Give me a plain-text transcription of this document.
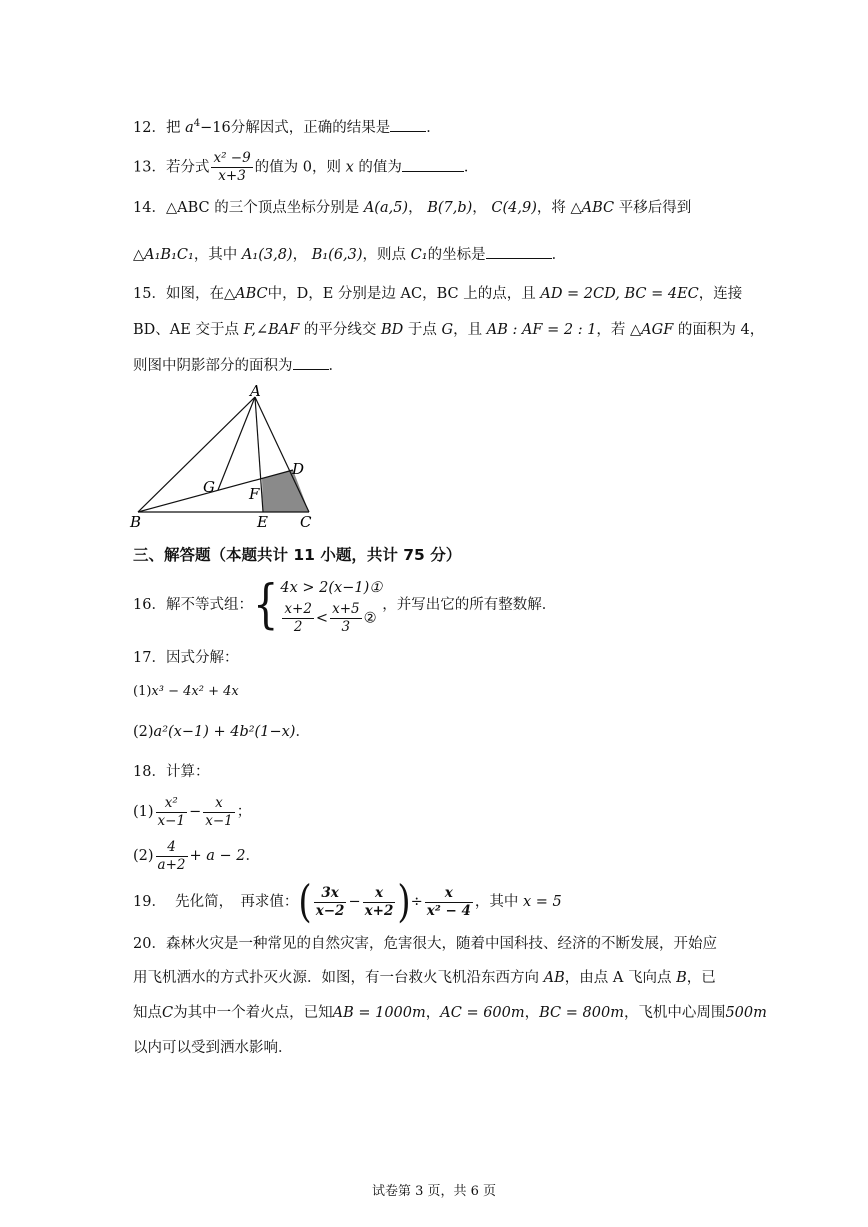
12．把 $a^4-16$分解因式，正确的结果是 ．
13．若分式 $\frac{\text{x² −9}}{x+3}$ 的值为 0，则 x 的值为	．
14．△ABC 的三个顶点坐标分别是 A(a,5)， B(7,b)， C(4,9)，将 △ABC 平移后得到
△A₁B₁C₁，其中 A₁(3,8)， B₁(6,3)，则点 C₁的坐标是	．
15．如图，在△ABC中，D，E 分别是边 AC，BC 上的点，且 AD = 2CD, BC = 4EC，连接
BD、AE 交于点 F,∠BAF 的平分线交 BD 于点 G，且 AB : AF = 2 : 1，若 △AGF 的面积为 4，
则图中阴影部分的面积为 ．
A
B	C
D
E
F
G
三、解答题（本题共计 11 小题，共计 75 分）
16．解不等式组：{ 4x > 2(x−1)①
$\frac{x+2}{2} < \frac{x+5}{3}$ ②
，并写出它的所有整数解．
17．因式分解：
(1)x³ − 4x² + 4x
(2)a²(x−1) + 4b²(1−x)．
18．计算：
$(1) \frac{\text{x²}}{x-1} - \frac{x}{x-1}$ ；
$(2) \frac{4}{a+2} + a - 2$．
19． 先化简，　再求值：( $\frac{3x}{x-2} - \frac{x}{x+2}$ )÷ $\frac{x}{\text{x² − 4}}$ ，其中 x = 5
20．森林火灾是一种常见的自然灾害，危害很大，随着中国科技、经济的不断发展，开始应
用飞机洒水的方式扑灭火源．如图，有一台救火飞机沿东西方向 AB，由点 A 飞向点 B，已
知点C为其中一个着火点，已知AB = 1000m，AC = 600m，BC = 800m，飞机中心周围500m
以内可以受到洒水影响．
试卷第 3 页，共 6 页
